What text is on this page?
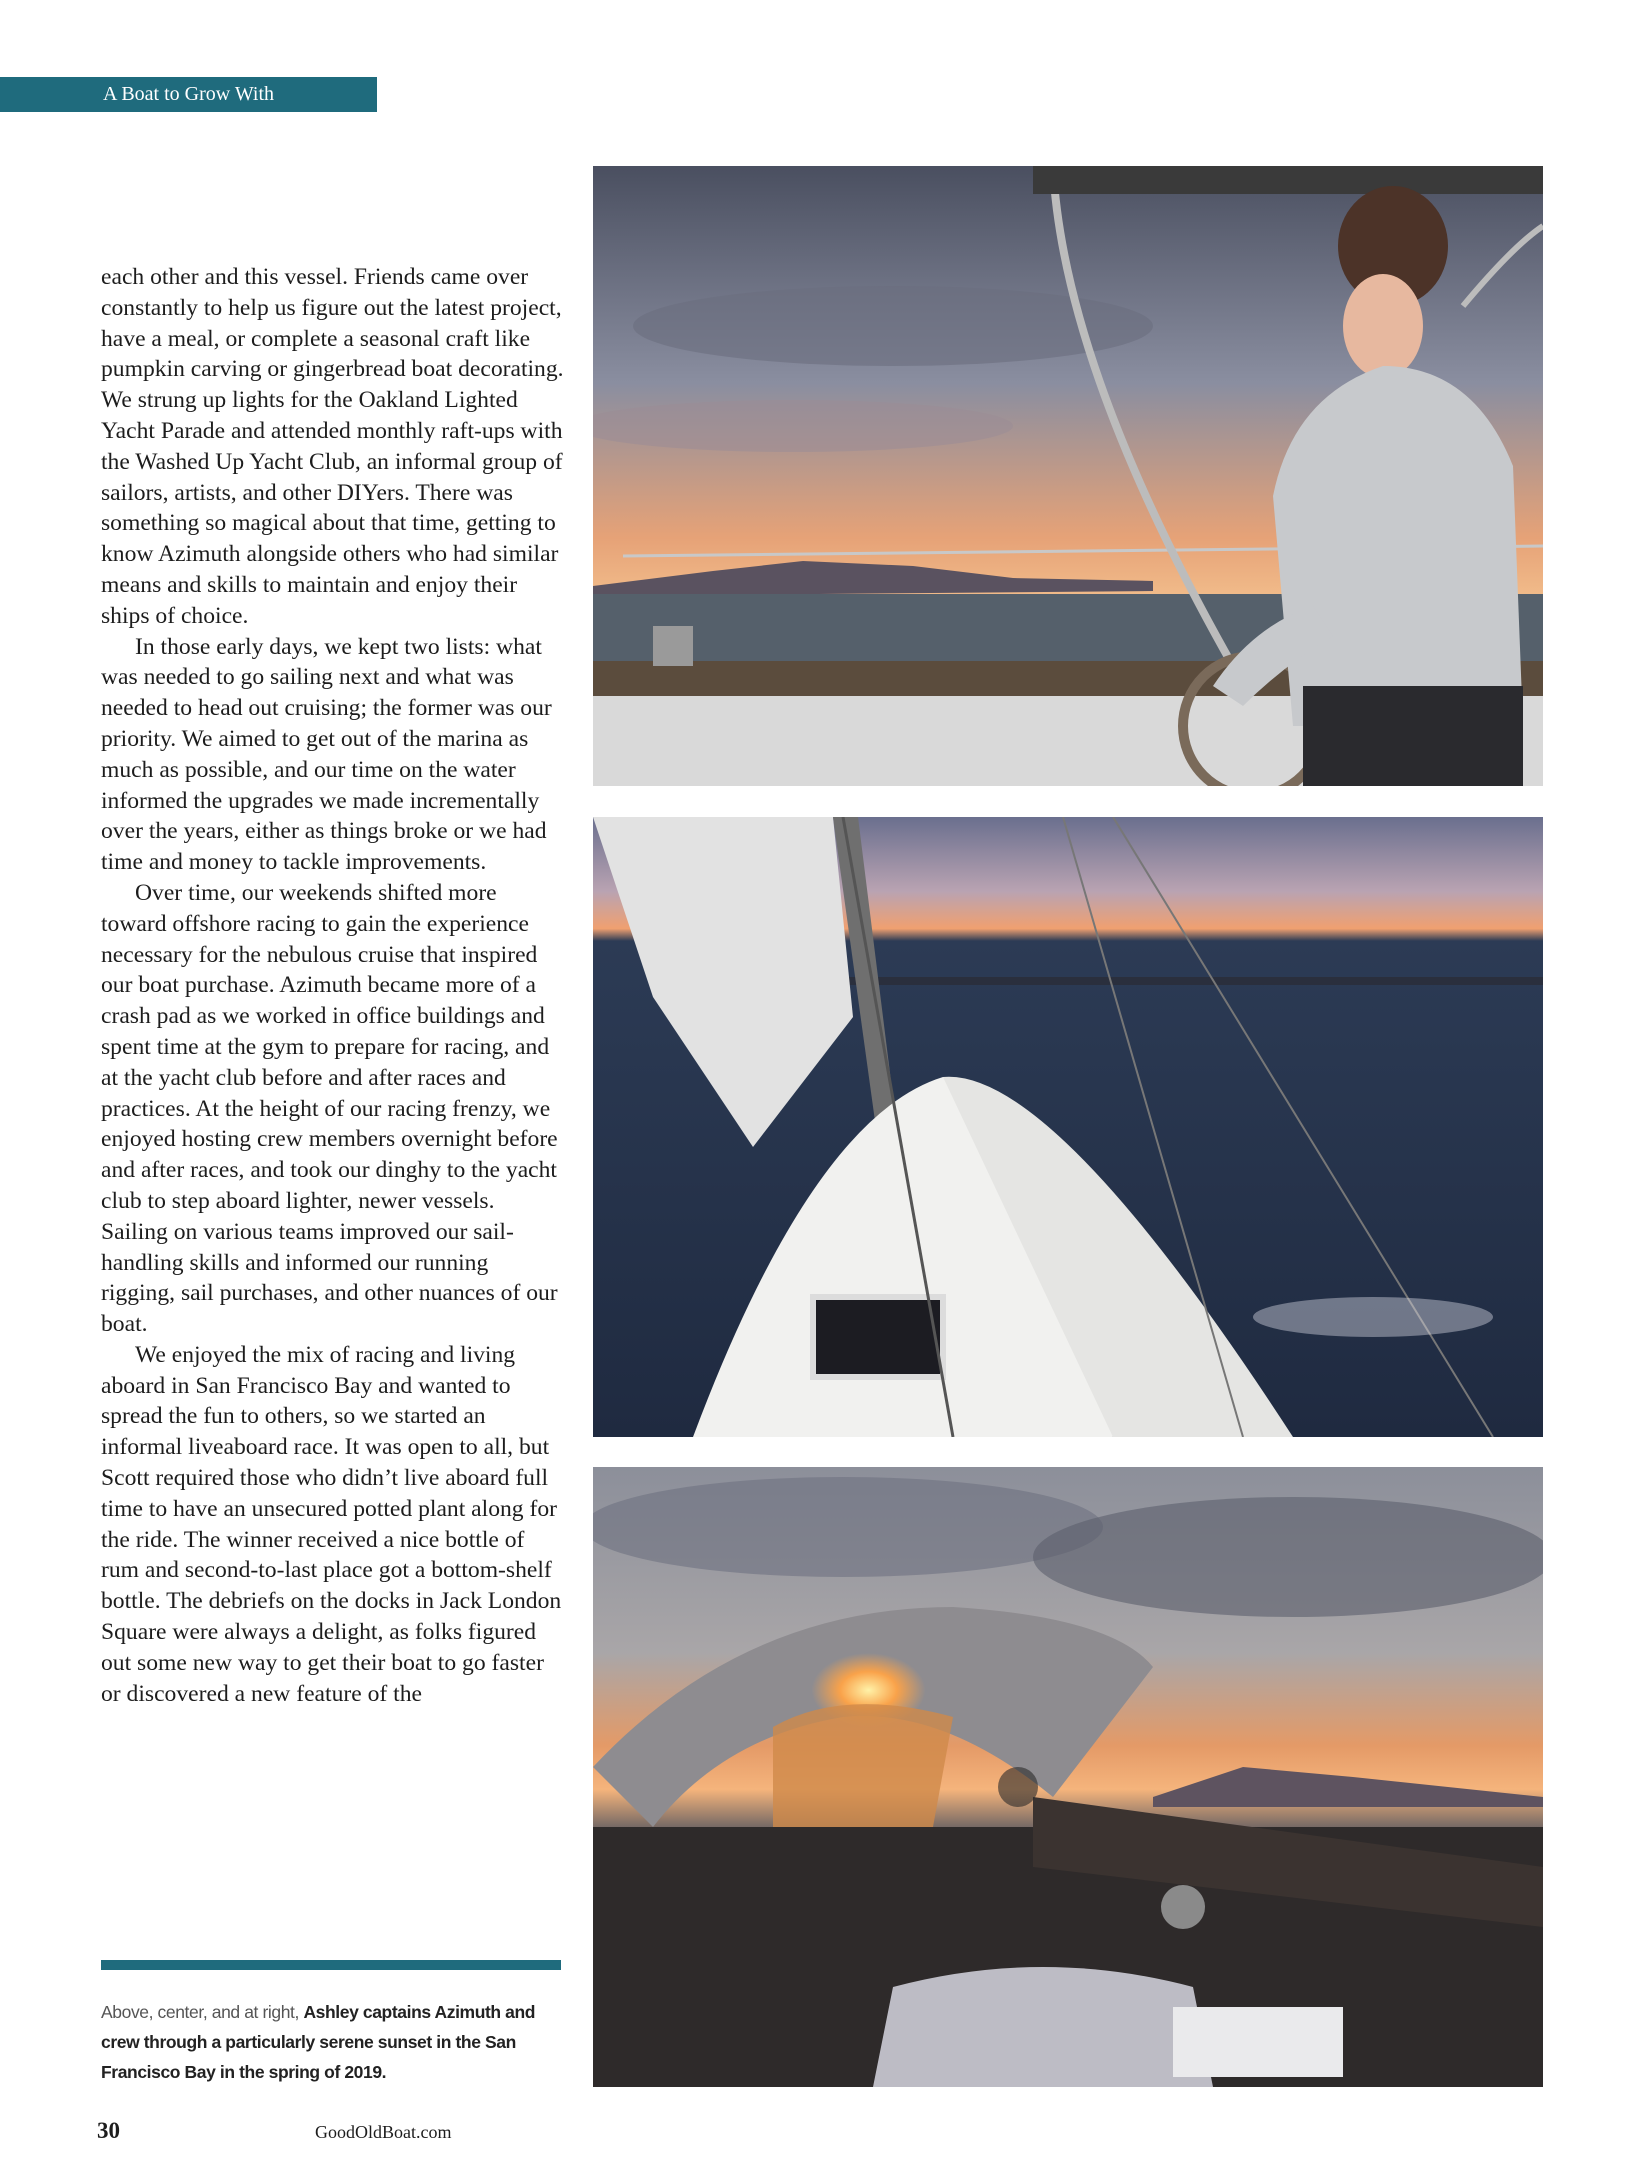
A Boat to Grow With

each other and this vessel. Friends came over constantly to help us figure out the latest project, have a meal, or complete a seasonal craft like pumpkin carving or gingerbread boat decorating. We strung up lights for the Oakland Lighted Yacht Parade and attended monthly raft-ups with the Washed Up Yacht Club, an informal group of sailors, artists, and other DIYers. There was something so magical about that time, getting to know Azimuth alongside others who had similar means and skills to maintain and enjoy their ships of choice.

In those early days, we kept two lists: what was needed to go sailing next and what was needed to head out cruising; the former was our priority. We aimed to get out of the marina as much as possible, and our time on the water informed the upgrades we made incrementally over the years, either as things broke or we had time and money to tackle improvements.

Over time, our weekends shifted more toward offshore racing to gain the experience necessary for the nebulous cruise that inspired our boat purchase. Azimuth became more of a crash pad as we worked in office buildings and spent time at the gym to prepare for racing, and at the yacht club before and after races and practices. At the height of our racing frenzy, we enjoyed hosting crew members overnight before and after races, and took our dinghy to the yacht club to step aboard lighter, newer vessels. Sailing on various teams improved our sail-handling skills and informed our running rigging, sail purchases, and other nuances of our boat.

We enjoyed the mix of racing and living aboard in San Francisco Bay and wanted to spread the fun to others, so we started an informal liveaboard race. It was open to all, but Scott required those who didn’t live aboard full time to have an unsecured potted plant along for the ride. The winner received a nice bottle of rum and second-to-last place got a bottom-shelf bottle. The debriefs on the docks in Jack London Square were always a delight, as folks figured out some new way to get their boat to go faster or discovered a new feature of the

Above, center, and at right, Ashley captains Azimuth and crew through a particularly serene sunset in the San Francisco Bay in the spring of 2019.
30	GoodOldBoat.com
